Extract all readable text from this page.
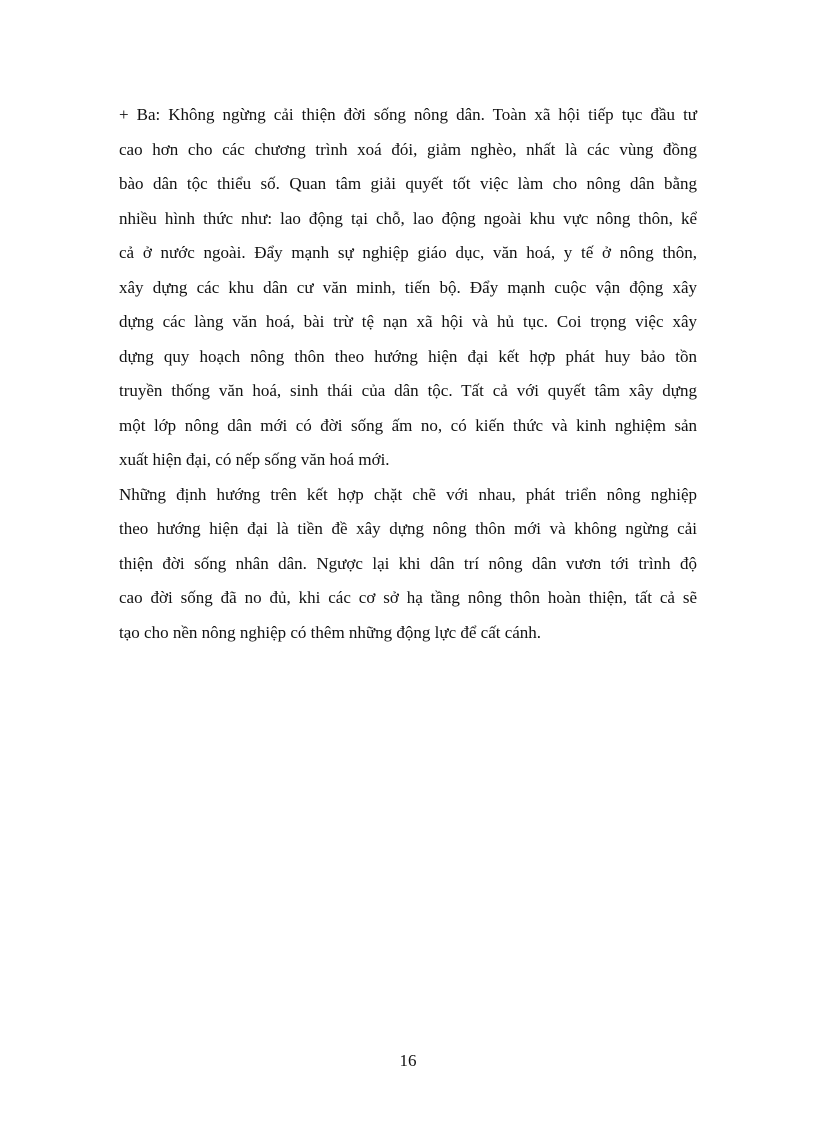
+ Ba: Không ngừng cải thiện đời sống nông dân. Toàn xã hội tiếp tục đầu tư
cao hơn cho các chương trình xoá đói, giảm nghèo, nhất là các vùng đồng
bào dân tộc thiểu số. Quan tâm giải quyết tốt việc làm cho nông dân bằng
nhiều hình thức như: lao động tại chỗ, lao động ngoài khu vực nông thôn, kể
cả ở nước ngoài. Đẩy mạnh sự nghiệp giáo dục, văn hoá, y tế ở nông thôn,
xây dựng các khu dân cư văn minh, tiến bộ. Đẩy mạnh cuộc vận động xây
dựng các làng văn hoá, bài trừ tệ nạn xã hội và hủ tục. Coi trọng việc xây
dựng quy hoạch nông thôn theo hướng hiện đại kết hợp phát huy bảo tồn
truyền thống văn hoá, sinh thái của dân tộc. Tất cả với quyết tâm xây dựng
một lớp nông dân mới có đời sống ấm no, có kiến thức và kinh nghiệm sản
xuất hiện đại, có nếp sống văn hoá mới.
Những định hướng trên kết hợp chặt chẽ với nhau, phát triển nông nghiệp
theo hướng hiện đại là tiền đề xây dựng nông thôn mới và không ngừng cải
thiện đời sống nhân dân. Ngược lại khi dân trí nông dân vươn tới trình độ
cao đời sống đã no đủ, khi các cơ sở hạ tầng nông thôn hoàn thiện, tất cả sẽ
tạo cho nền nông nghiệp có thêm những động lực để cất cánh.
16
